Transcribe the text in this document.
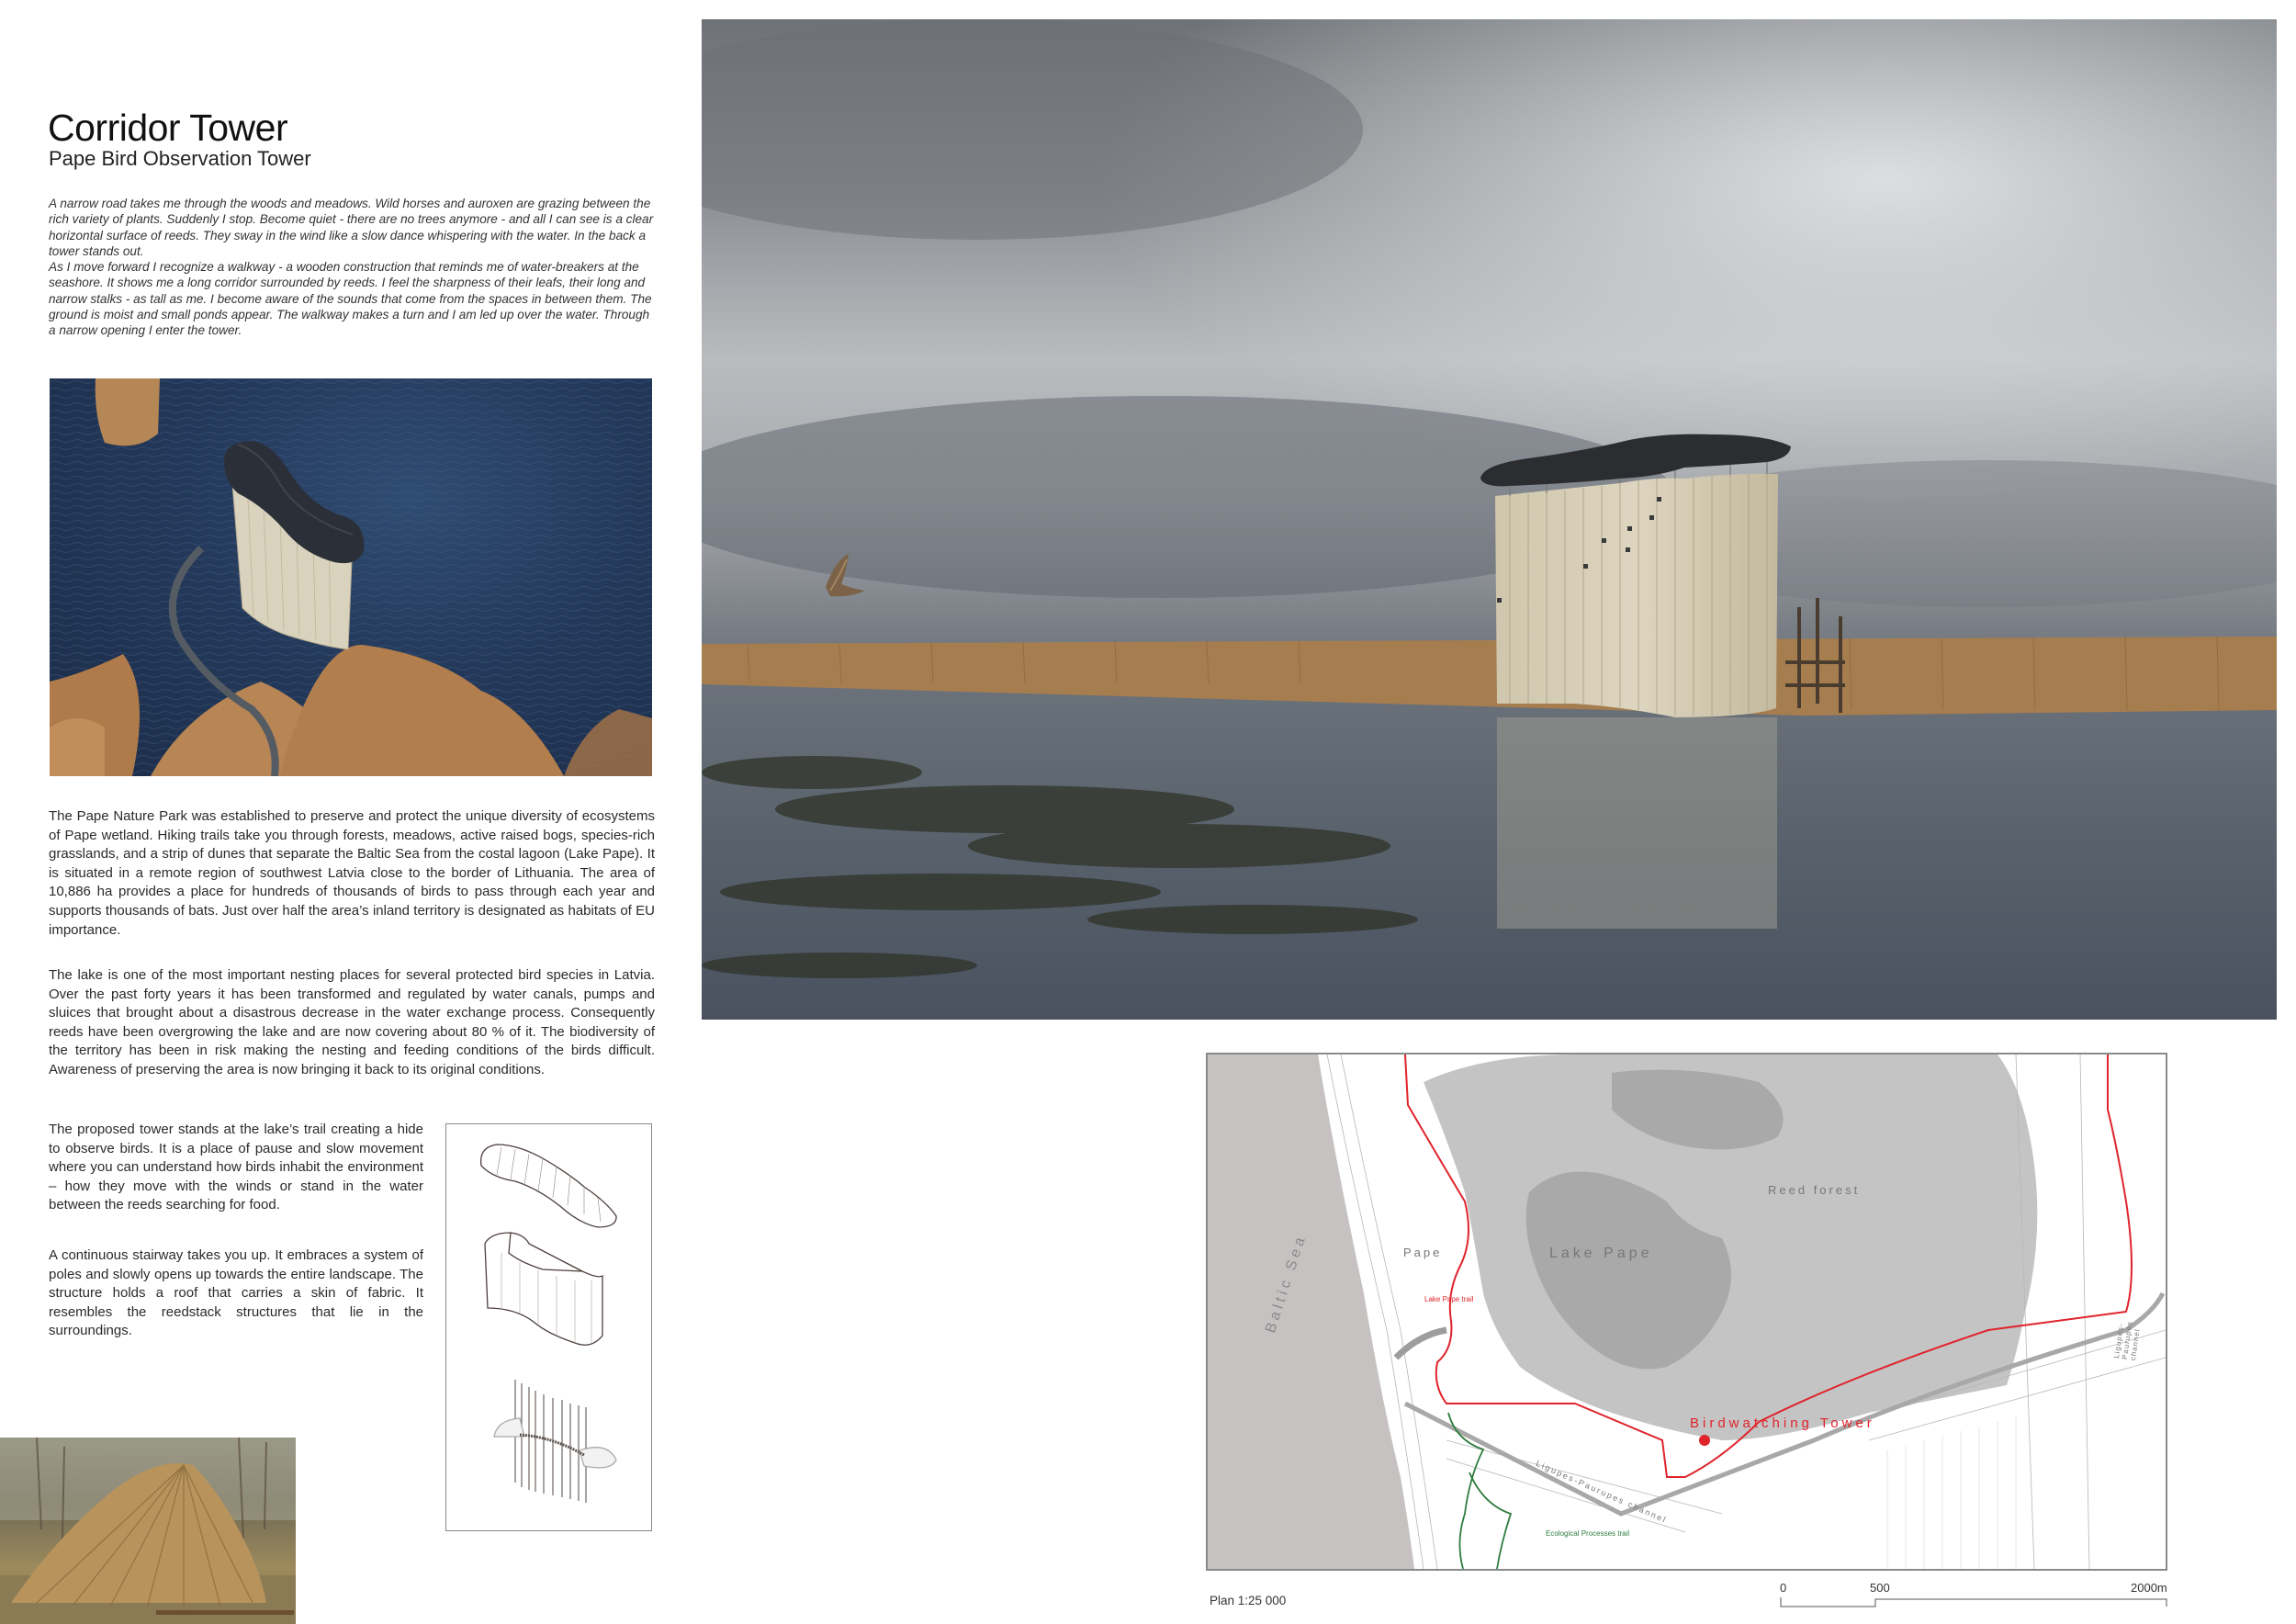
Corridor Tower
Pape Bird Observation Tower

A narrow road takes me through the woods and meadows. Wild horses and auroxen are grazing between the rich variety of plants. Suddenly I stop. Become quiet - there are no trees anymore - and all I can see is a clear horizontal surface of reeds. They sway in the wind like a slow dance whispering with the water. In the back a tower stands out.

As I move forward I recognize a walkway - a wooden construction that reminds me of water-breakers at the seashore. It shows me a long corridor surrounded by reeds. I feel the sharpness of their leafs, their long and narrow stalks - as tall as me. I become aware of the sounds that come from the spaces in between them. The ground is moist and small ponds appear. The walkway makes a turn and I am led up over the water. Through a narrow opening I enter the tower.

The Pape Nature Park was established to preserve and protect the unique diversity of ecosystems of Pape wetland. Hiking trails take you through forests, meadows, active raised bogs, species-rich grasslands, and a strip of dunes that separate the Baltic Sea from the costal lagoon (Lake Pape). It is situated in a remote region of southwest Latvia close to the border of Lithuania. The area of 10,886 ha provides a place for hundreds of thousands of birds to pass through each year and supports thousands of bats. Just over half the area’s inland territory is designated as habitats of EU importance.

The lake is one of the most important nesting places for several protected bird species in Latvia. Over the past forty years it has been transformed and regulated by water canals, pumps and sluices that brought about a disastrous decrease in the water exchange process. Consequently reeds have been overgrowing the lake and are now covering about 80 % of it. The biodiversity of the territory has been in risk making the nesting and feeding conditions of the birds difficult. Awareness of preserving the area is now bringing it back to its original conditions.

The proposed tower stands at the lake’s trail creating a hide to observe birds. It is a place of pause and slow movement where you can understand how birds inhabit the environment – how they move with the winds or stand in the water between the reeds searching for food.

A continuous stairway takes you up. It embraces a system of poles and slowly opens up towards the entire landscape. The structure holds a roof that carries a skin of fabric. It resembles the reedstack structures that lie in the surroundings.	Baltic Sea	Lake Pape
Pape
Reed forest
Birdwatching Tower
Lake Pape trail
Ecological Processes trail
Ligupes-Paurupes channel
Ligupes-Paurupes channel
Plan 1:25 000
0	500	2000m
